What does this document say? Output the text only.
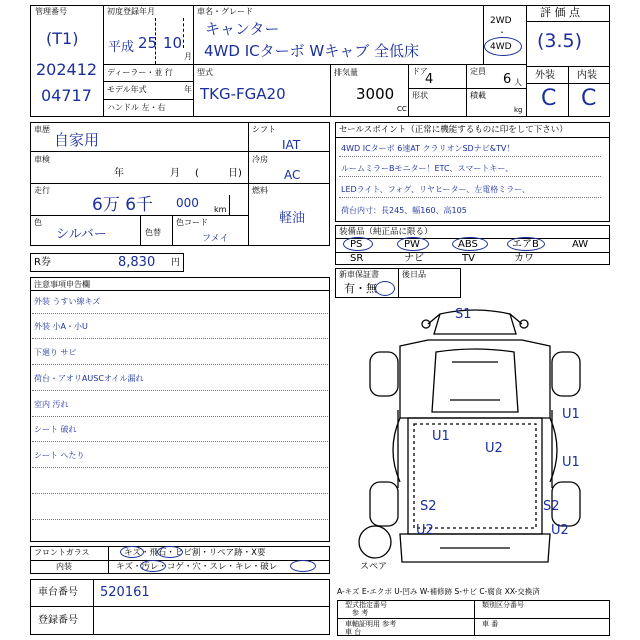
管理番号
(T1)
202412
04717
初度登録年月
平成 25 10
月
車名・グレード
キャンター
4WD ICターボ Wキャブ 全低床
2WD
・
4WD
ディーラー・並 行
モデル年式	年
ハンドル 左・右
型式
TKG-FGA20
排気量
3000
CC
ドア
4
定員
6 人
形状	積載
kg
評 価 点
(3.5)
外装 内装
C C
車歴
自家用
車検
年	月 (	日)
走行
6万 6千 000 km
色
シルバー	色替
色コード
フメイ
シフト
IAT
冷房
AC
燃料
軽油
R券	8,830 円
セールスポイント（正常に機能するものに印をして下さい）
4WD ICターボ 6速AT クラリオンSDナビ&TV！
ルームミラーBモニター！ETC、スマートキー、
LEDライト、フォグ、リヤヒーター、左電格ミラー、
荷台内寸：長245、幅160、高105
装備品（純正品に限る）
PS	PW	ABS	エアB	AW
SR	ナビ	TV	カワ
新車保証書
有・無
後日品
注意事項申告欄
外装 うすい線キズ
外装 小A・小U
下廻り サビ
荷台・アオリAUSCオイル漏れ
室内 汚れ
シート 破れ
シート へたり
フロントガラス	キズ・飛石・ヒビ割・リペア跡・X要
内装	キズ・汚レ・コゲ・穴・スレ・キレ・破レ
車台番号 520161
登録番号
S1
U1
U1
U2
U1
S2
U2
S2
U2
スペア
A-キズ E-エクボ U-凹み W-補修跡 S-サビ C-腐食 XX-交換済
型式指定番号
参 考
類別区分番号
車軸証明用 参考
車 台
車 番
